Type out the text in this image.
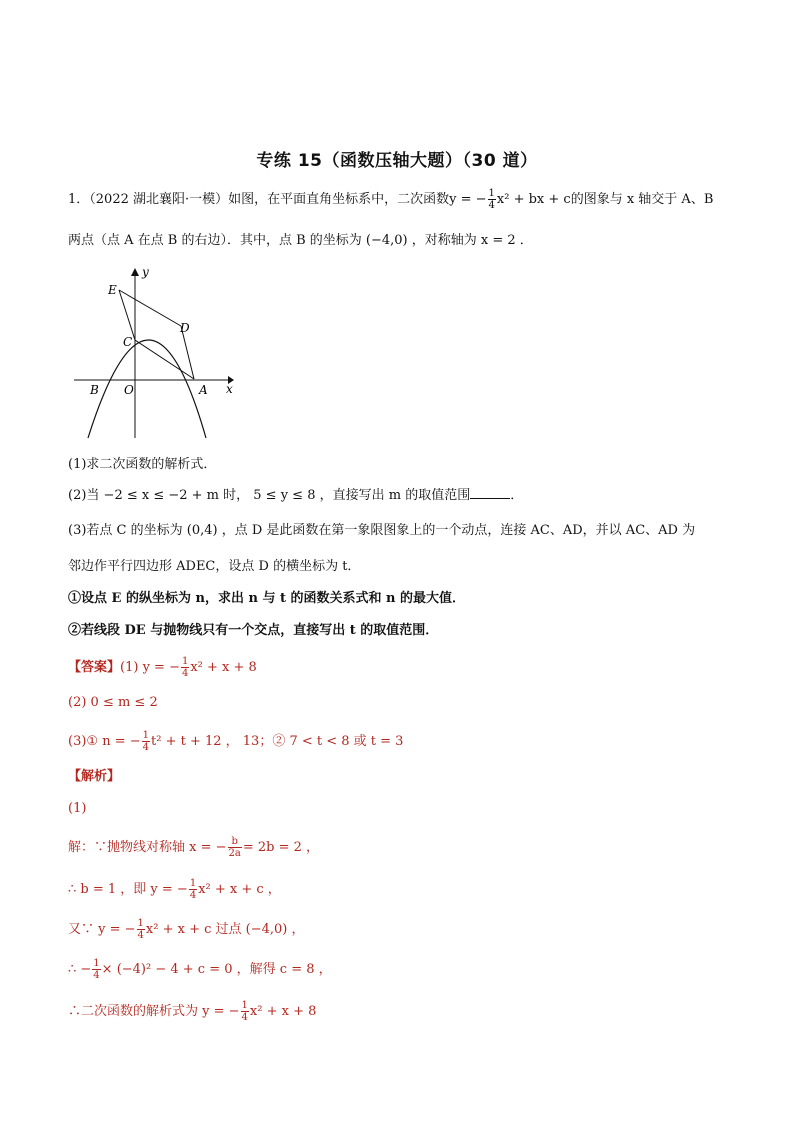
专练 15（函数压轴大题）（30 道）
1．（2022 湖北襄阳·一模）如图，在平面直角坐标系中，二次函数y = − $\frac{1}{4} x^2$ + bx + c的图象与 x 轴交于 A、B
两点（点 A 在点 B 的右边）．其中，点 B 的坐标为 (−4,0) ，对称轴为 x = 2 ．
y
x
E
D
C
B O	A
(1)求二次函数的解析式．
(2)当 −2 ≤ x ≤ −2 + m 时， 5 ≤ y ≤ 8 ，直接写出 m 的取值范围	．
(3)若点 C 的坐标为 (0,4) ，点 D 是此函数在第一象限图象上的一个动点，连接 AC、AD，并以 AC、AD 为
邻边作平行四边形 ADEC，设点 D 的横坐标为 t．
①设点 E 的纵坐标为 n，求出 n 与 t 的函数关系式和 n 的最大值．
②若线段 DE 与抛物线只有一个交点，直接写出 t 的取值范围．
【答案】(1) y = − $\frac{1}{4} x^2 + x + 8$
(2) 0 ≤ m ≤ 2
(3)① n = − $\frac{1}{4} t^2 + t + 12$ ， 13；② 7 < t < 8 或 t = 3
【解析】
(1)
解：∵抛物线对称轴 x = − $\frac{b}{2a} = 2b = 2$ ，
∴ b = 1 ，即 y = − $\frac{1}{4} x^2 + x + c$ ，
又∵ y = − $\frac{1}{4} x^2 + x + c$ 过点 (−4,0) ，
∴ − $\frac{1}{4} \times (-4)^2 - 4 + c = 0$ ，解得 c = 8 ，
∴二次函数的解析式为 y = − $\frac{1}{4} x^2 + x + 8$
